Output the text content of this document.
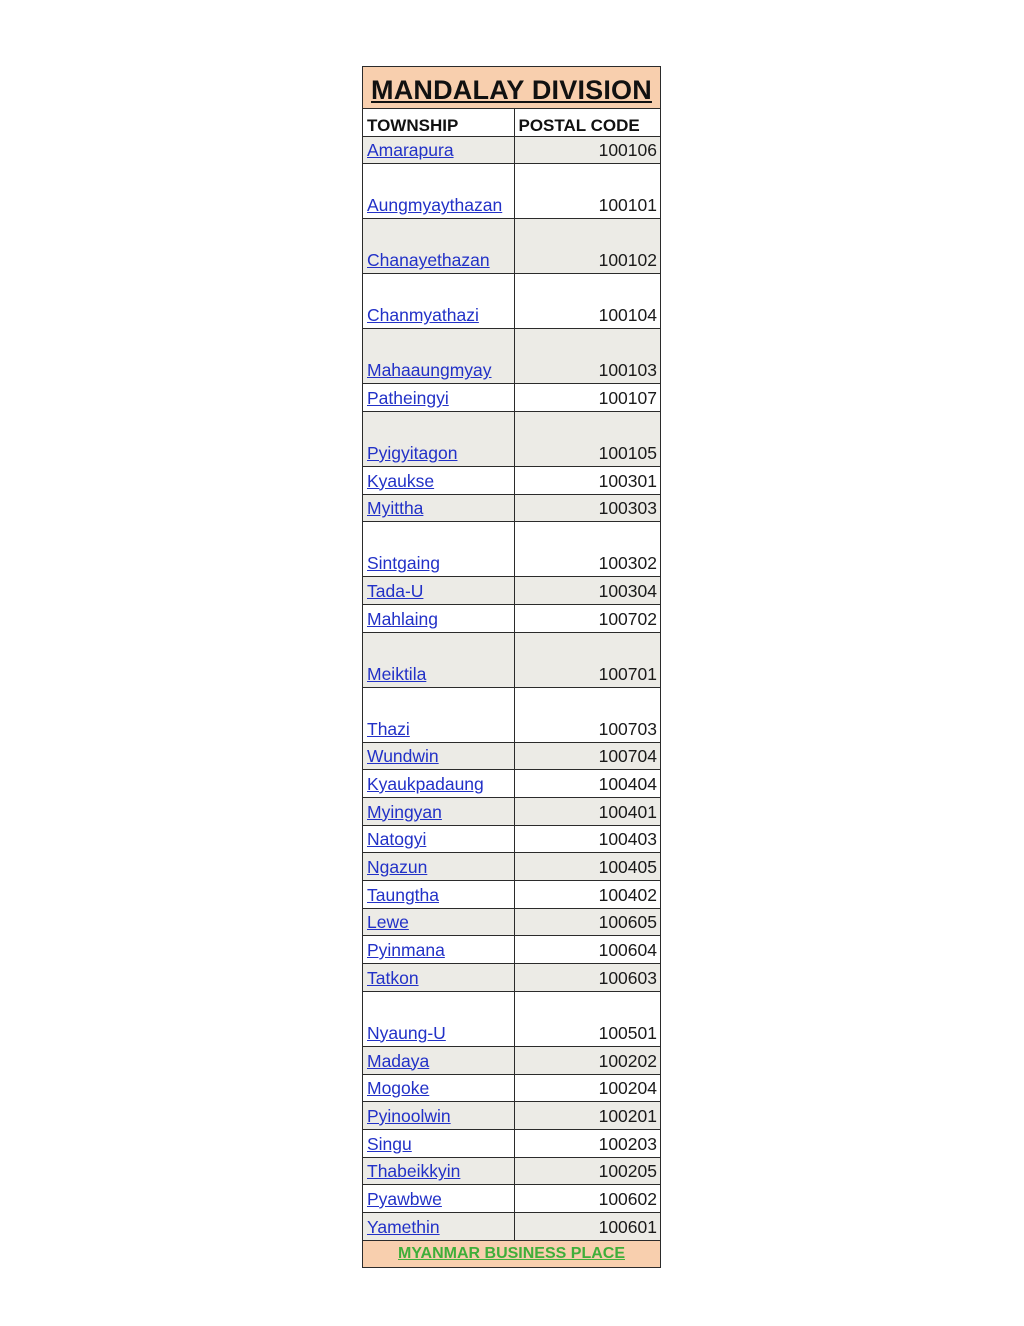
MANDALAY DIVISION
TOWNSHIP	POSTAL CODE
Amarapura	100106
Aungmyaythazan	100101
Chanayethazan	100102
Chanmyathazi	100104
Mahaaungmyay	100103
Patheingyi	100107
Pyigyitagon	100105
Kyaukse	100301
Myittha	100303
Sintgaing	100302
Tada-U	100304
Mahlaing	100702
Meiktila	100701
Thazi	100703
Wundwin	100704
Kyaukpadaung	100404
Myingyan	100401
Natogyi	100403
Ngazun	100405
Taungtha	100402
Lewe	100605
Pyinmana	100604
Tatkon	100603
Nyaung-U	100501
Madaya	100202
Mogoke	100204
Pyinoolwin	100201
Singu	100203
Thabeikkyin	100205
Pyawbwe	100602
Yamethin	100601
MYANMAR BUSINESS PLACE
